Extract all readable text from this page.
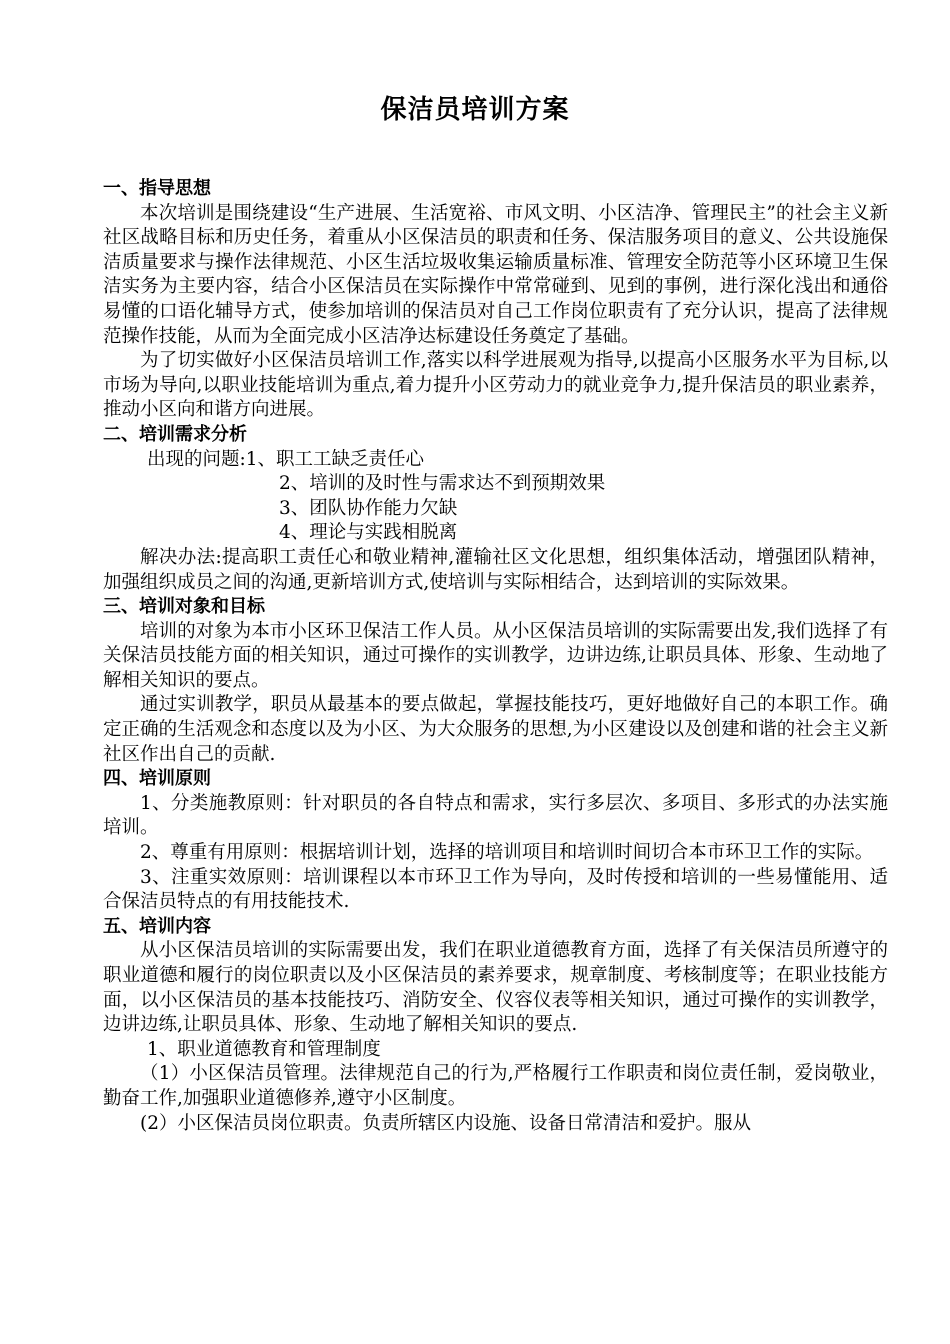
保洁员培训方案
一、指导思想

本次培训是围绕建设“生产进展、生活宽裕、市风文明、小区洁净、管理民主”的社会主义新社区战略目标和历史任务，着重从小区保洁员的职责和任务、保洁服务项目的意义、公共设施保洁质量要求与操作法律规范、小区生活垃圾收集运输质量标准、管理安全防范等小区环境卫生保洁实务为主要内容，结合小区保洁员在实际操作中常常碰到、见到的事例，进行深化浅出和通俗易懂的口语化辅导方式，使参加培训的保洁员对自己工作岗位职责有了充分认识，提高了法律规范操作技能，从而为全面完成小区洁净达标建设任务奠定了基础。

为了切实做好小区保洁员培训工作,落实以科学进展观为指导,以提高小区服务水平为目标,以市场为导向,以职业技能培训为重点,着力提升小区劳动力的就业竞争力,提升保洁员的职业素养，推动小区向和谐方向进展。

二、培训需求分析

出现的问题:1、职工工缺乏责任心

2、培训的及时性与需求达不到预期效果

3、团队协作能力欠缺

4、理论与实践相脱离

解决办法:提高职工责任心和敬业精神,灌输社区文化思想，组织集体活动，增强团队精神，加强组织成员之间的沟通,更新培训方式,使培训与实际相结合，达到培训的实际效果。

三、培训对象和目标

培训的对象为本市小区环卫保洁工作人员。从小区保洁员培训的实际需要出发,我们选择了有关保洁员技能方面的相关知识，通过可操作的实训教学，边讲边练,让职员具体、形象、生动地了解相关知识的要点。

通过实训教学，职员从最基本的要点做起，掌握技能技巧，更好地做好自己的本职工作。确定正确的生活观念和态度以及为小区、为大众服务的思想,为小区建设以及创建和谐的社会主义新社区作出自己的贡献.

四、培训原则

1、分类施教原则：针对职员的各自特点和需求，实行多层次、多项目、多形式的办法实施培训。

2、尊重有用原则：根据培训计划，选择的培训项目和培训时间切合本市环卫工作的实际。

3、注重实效原则：培训课程以本市环卫工作为导向，及时传授和培训的一些易懂能用、适合保洁员特点的有用技能技术.

五、培训内容

从小区保洁员培训的实际需要出发，我们在职业道德教育方面，选择了有关保洁员所遵守的职业道德和履行的岗位职责以及小区保洁员的素养要求，规章制度、考核制度等；在职业技能方面，以小区保洁员的基本技能技巧、消防安全、仪容仪表等相关知识，通过可操作的实训教学，边讲边练,让职员具体、形象、生动地了解相关知识的要点.

1、职业道德教育和管理制度

（1）小区保洁员管理。法律规范自己的行为,严格履行工作职责和岗位责任制，爱岗敬业，勤奋工作,加强职业道德修养,遵守小区制度。

(2）小区保洁员岗位职责。负责所辖区内设施、设备日常清洁和爱护。服从
